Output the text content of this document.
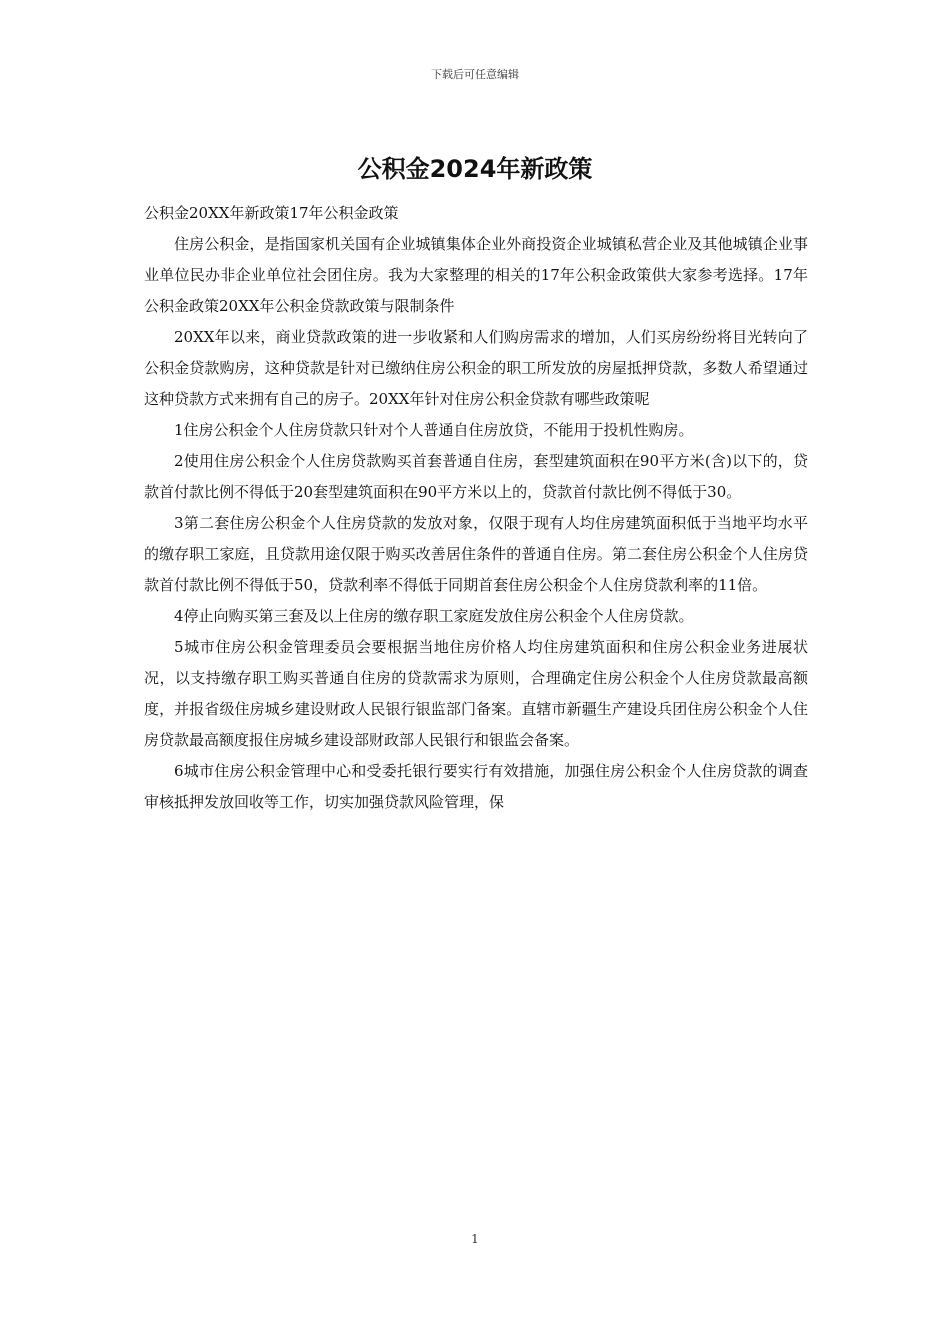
下载后可任意编辑
公积金2024年新政策

公积金20XX年新政策17年公积金政策

住房公积金，是指国家机关国有企业城镇集体企业外商投资企业城镇私营企业及其他城镇企业事业单位民办非企业单位社会团住房。我为大家整理的相关的17年公积金政策供大家参考选择。17年公积金政策20XX年公积金贷款政策与限制条件

20XX年以来，商业贷款政策的进一步收紧和人们购房需求的增加，人们买房纷纷将目光转向了公积金贷款购房，这种贷款是针对已缴纳住房公积金的职工所发放的房屋抵押贷款，多数人希望通过这种贷款方式来拥有自己的房子。20XX年针对住房公积金贷款有哪些政策呢

1住房公积金个人住房贷款只针对个人普通自住房放贷，不能用于投机性购房。

2使用住房公积金个人住房贷款购买首套普通自住房，套型建筑面积在90平方米(含)以下的，贷款首付款比例不得低于20套型建筑面积在90平方米以上的，贷款首付款比例不得低于30。

3第二套住房公积金个人住房贷款的发放对象，仅限于现有人均住房建筑面积低于当地平均水平的缴存职工家庭，且贷款用途仅限于购买改善居住条件的普通自住房。第二套住房公积金个人住房贷款首付款比例不得低于50，贷款利率不得低于同期首套住房公积金个人住房贷款利率的11倍。

4停止向购买第三套及以上住房的缴存职工家庭发放住房公积金个人住房贷款。

5城市住房公积金管理委员会要根据当地住房价格人均住房建筑面积和住房公积金业务进展状况，以支持缴存职工购买普通自住房的贷款需求为原则，合理确定住房公积金个人住房贷款最高额度，并报省级住房城乡建设财政人民银行银监部门备案。直辖市新疆生产建设兵团住房公积金个人住房贷款最高额度报住房城乡建设部财政部人民银行和银监会备案。

6城市住房公积金管理中心和受委托银行要实行有效措施，加强住房公积金个人住房贷款的调查审核抵押发放回收等工作，切实加强贷款风险管理，保

1
